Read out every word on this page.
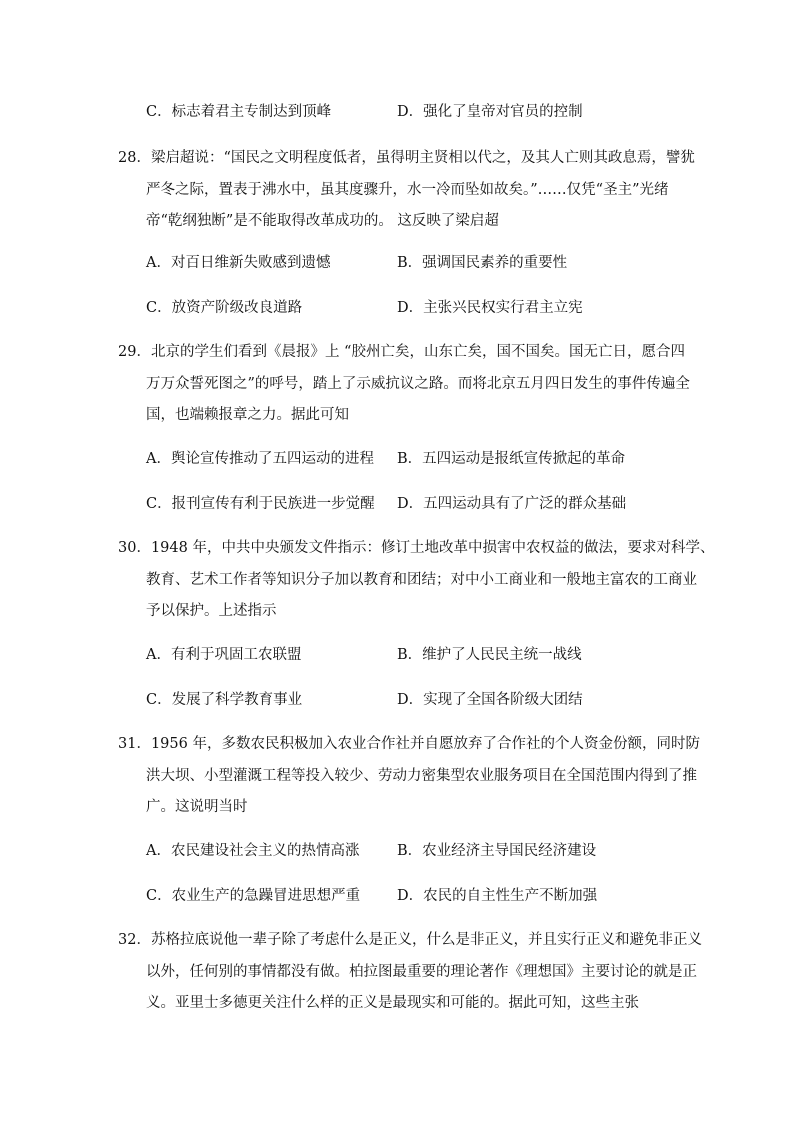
C．标志着君主专制达到顶峰	D．强化了皇帝对官员的控制
28．梁启超说：“国民之文明程度低者，虽得明主贤相以代之，及其人亡则其政息焉，譬犹
严冬之际，置表于沸水中，虽其度骤升，水一冷而坠如故矣。”……仅凭“圣主”光绪
帝“乾纲独断”是不能取得改革成功的。 这反映了梁启超
A．对百日维新失败感到遗憾	B．强调国民素养的重要性
C．放资产阶级改良道路	D．主张兴民权实行君主立宪
29．北京的学生们看到《晨报》上 “胶州亡矣，山东亡矣，国不国矣。国无亡日，愿合四
万万众誓死图之”的呼号，踏上了示威抗议之路。而将北京五月四日发生的事件传遍全
国，也端赖报章之力。据此可知
A．舆论宣传推动了五四运动的进程 B．五四运动是报纸宣传掀起的革命
C．报刊宣传有利于民族进一步觉醒 D．五四运动具有了广泛的群众基础
30．1948 年，中共中央颁发文件指示：修订土地改革中损害中农权益的做法，要求对科学、
教育、艺术工作者等知识分子加以教育和团结；对中小工商业和一般地主富农的工商业
予以保护。上述指示
A．有利于巩固工农联盟	B．维护了人民民主统一战线
C．发展了科学教育事业	D．实现了全国各阶级大团结
31．1956 年，多数农民积极加入农业合作社并自愿放弃了合作社的个人资金份额，同时防
洪大坝、小型灌溉工程等投入较少、劳动力密集型农业服务项目在全国范围内得到了推
广。这说明当时
A．农民建设社会主义的热情高涨	B．农业经济主导国民经济建设
C．农业生产的急躁冒进思想严重	D．农民的自主性生产不断加强
32．苏格拉底说他一辈子除了考虑什么是正义，什么是非正义，并且实行正义和避免非正义
以外，任何别的事情都没有做。柏拉图最重要的理论著作《理想国》主要讨论的就是正
义。亚里士多德更关注什么样的正义是最现实和可能的。据此可知，这些主张
